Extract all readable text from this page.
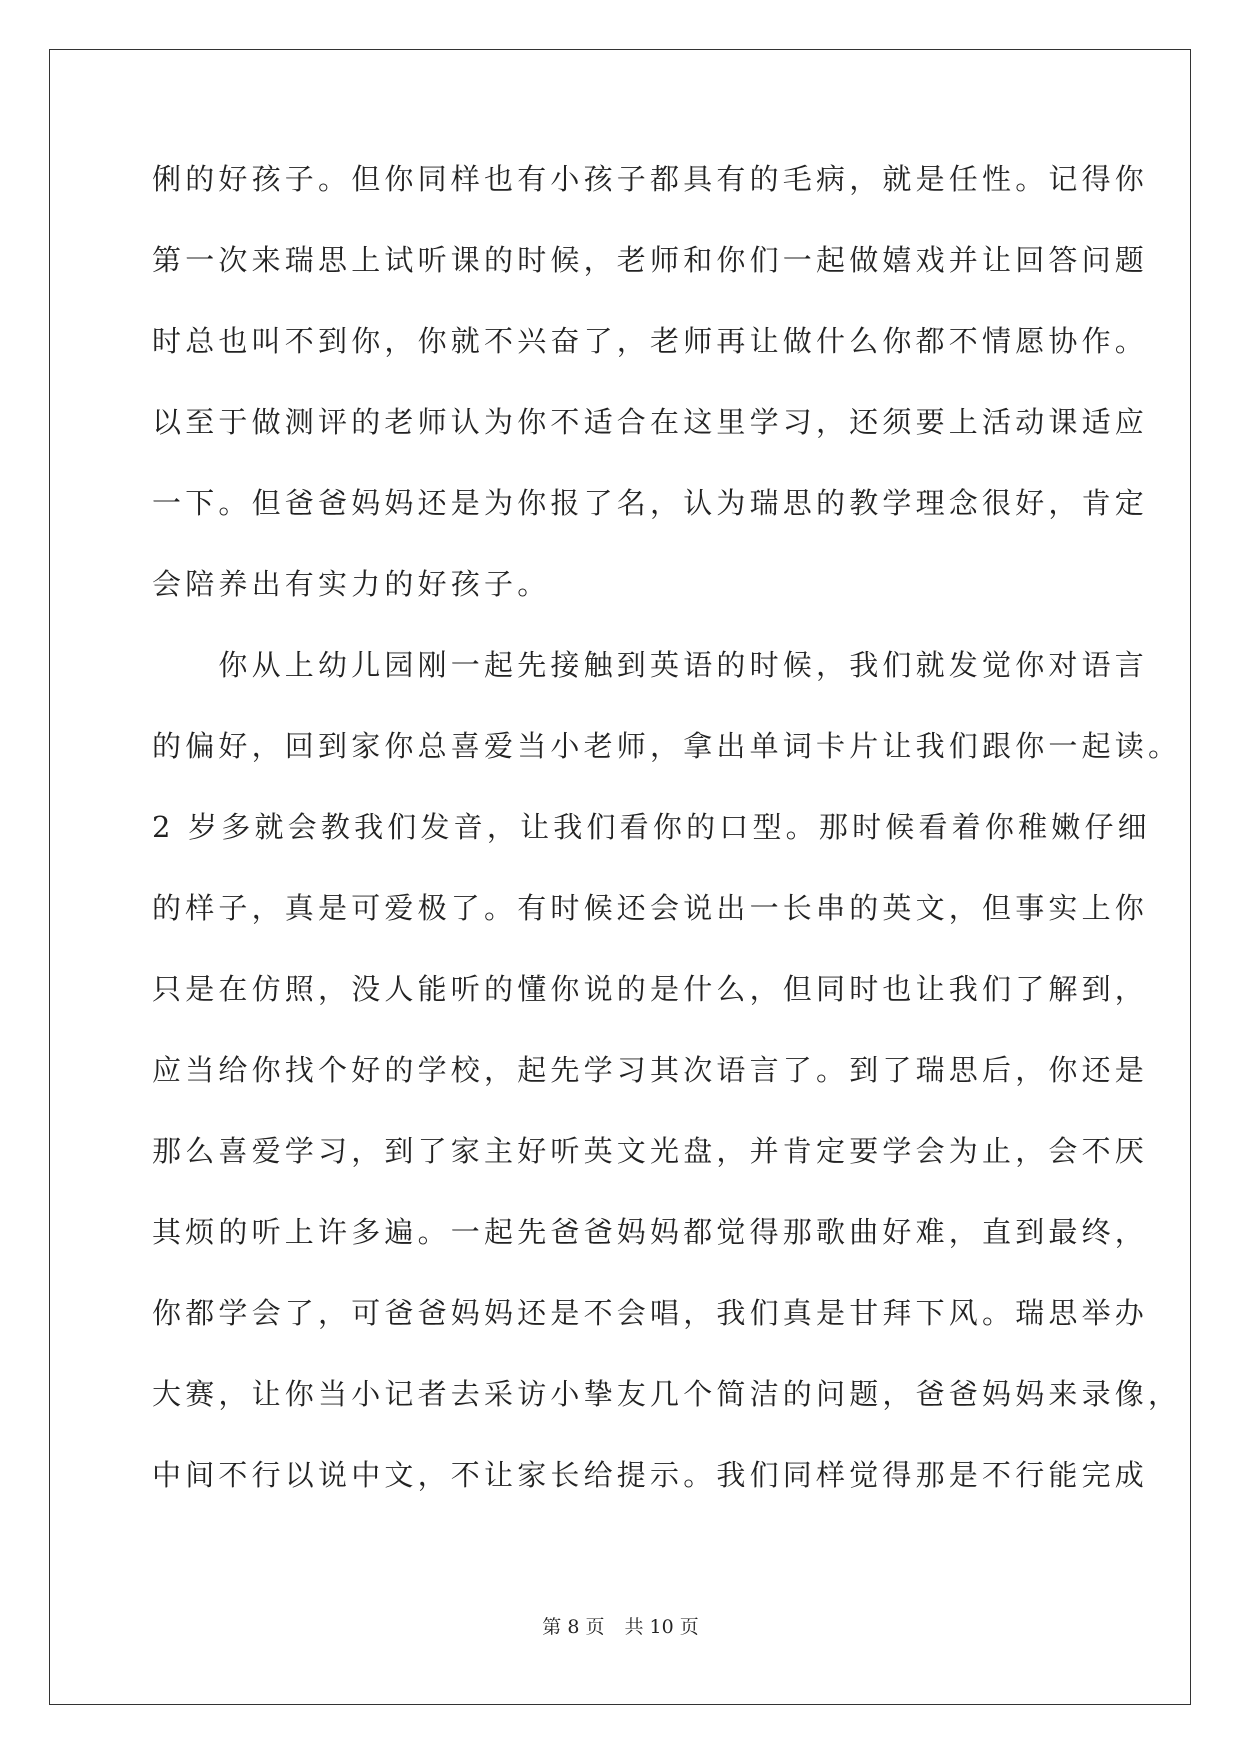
俐的好孩子。但你同样也有小孩子都具有的毛病，就是任性。记得你
第一次来瑞思上试听课的时候，老师和你们一起做嬉戏并让回答问题
时总也叫不到你，你就不兴奋了，老师再让做什么你都不情愿协作。
以至于做测评的老师认为你不适合在这里学习，还须要上活动课适应
一下。但爸爸妈妈还是为你报了名，认为瑞思的教学理念很好，肯定
会陪养出有实力的好孩子。
　　你从上幼儿园刚一起先接触到英语的时候，我们就发觉你对语言
的偏好，回到家你总喜爱当小老师，拿出单词卡片让我们跟你一起读。
2 岁多就会教我们发音，让我们看你的口型。那时候看着你稚嫩仔细
的样子，真是可爱极了。有时候还会说出一长串的英文，但事实上你
只是在仿照，没人能听的懂你说的是什么，但同时也让我们了解到，
应当给你找个好的学校，起先学习其次语言了。到了瑞思后，你还是
那么喜爱学习，到了家主好听英文光盘，并肯定要学会为止，会不厌
其烦的听上许多遍。一起先爸爸妈妈都觉得那歌曲好难，直到最终，
你都学会了，可爸爸妈妈还是不会唱，我们真是甘拜下风。瑞思举办
大赛，让你当小记者去采访小挚友几个简洁的问题，爸爸妈妈来录像，
中间不行以说中文，不让家长给提示。我们同样觉得那是不行能完成
第 8 页 共 10 页
